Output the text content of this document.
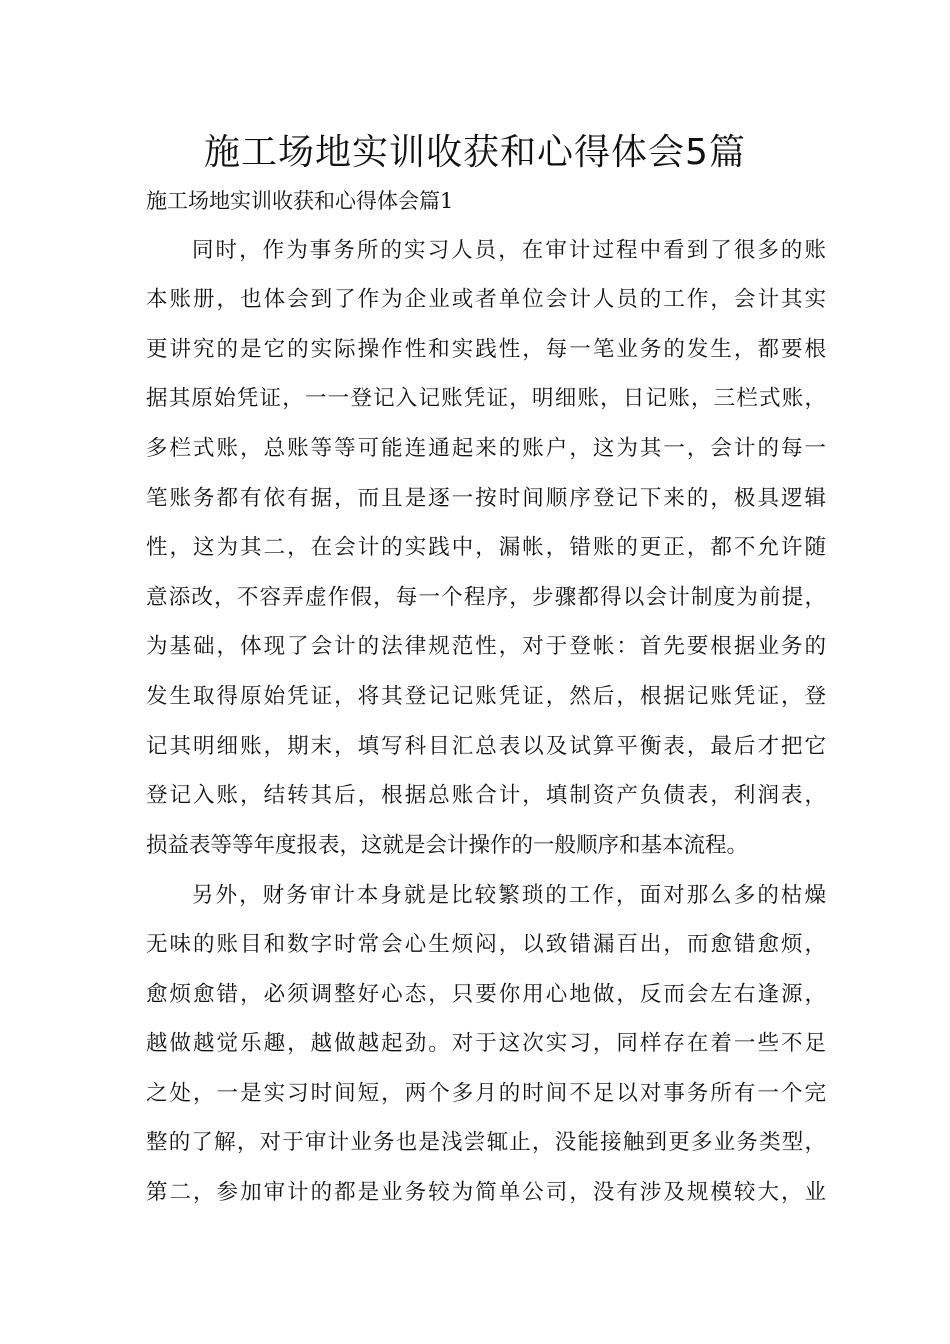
施工场地实训收获和心得体会5篇
施工场地实训收获和心得体会篇1
同时，作为事务所的实习人员，在审计过程中看到了很多的账
本账册，也体会到了作为企业或者单位会计人员的工作，会计其实
更讲究的是它的实际操作性和实践性，每一笔业务的发生，都要根
据其原始凭证，一一登记入记账凭证，明细账，日记账，三栏式账，
多栏式账，总账等等可能连通起来的账户，这为其一，会计的每一
笔账务都有依有据，而且是逐一按时间顺序登记下来的，极具逻辑
性，这为其二，在会计的实践中，漏帐，错账的更正，都不允许随
意添改，不容弄虚作假，每一个程序，步骤都得以会计制度为前提，
为基础，体现了会计的法律规范性，对于登帐：首先要根据业务的
发生取得原始凭证，将其登记记账凭证，然后，根据记账凭证，登
记其明细账，期末，填写科目汇总表以及试算平衡表，最后才把它
登记入账，结转其后，根据总账合计，填制资产负债表，利润表，
损益表等等年度报表，这就是会计操作的一般顺序和基本流程。
另外，财务审计本身就是比较繁琐的工作，面对那么多的枯燥
无味的账目和数字时常会心生烦闷，以致错漏百出，而愈错愈烦，
愈烦愈错，必须调整好心态，只要你用心地做，反而会左右逢源，
越做越觉乐趣，越做越起劲。对于这次实习，同样存在着一些不足
之处，一是实习时间短，两个多月的时间不足以对事务所有一个完
整的了解，对于审计业务也是浅尝辄止，没能接触到更多业务类型，
第二，参加审计的都是业务较为简单公司，没有涉及规模较大，业
